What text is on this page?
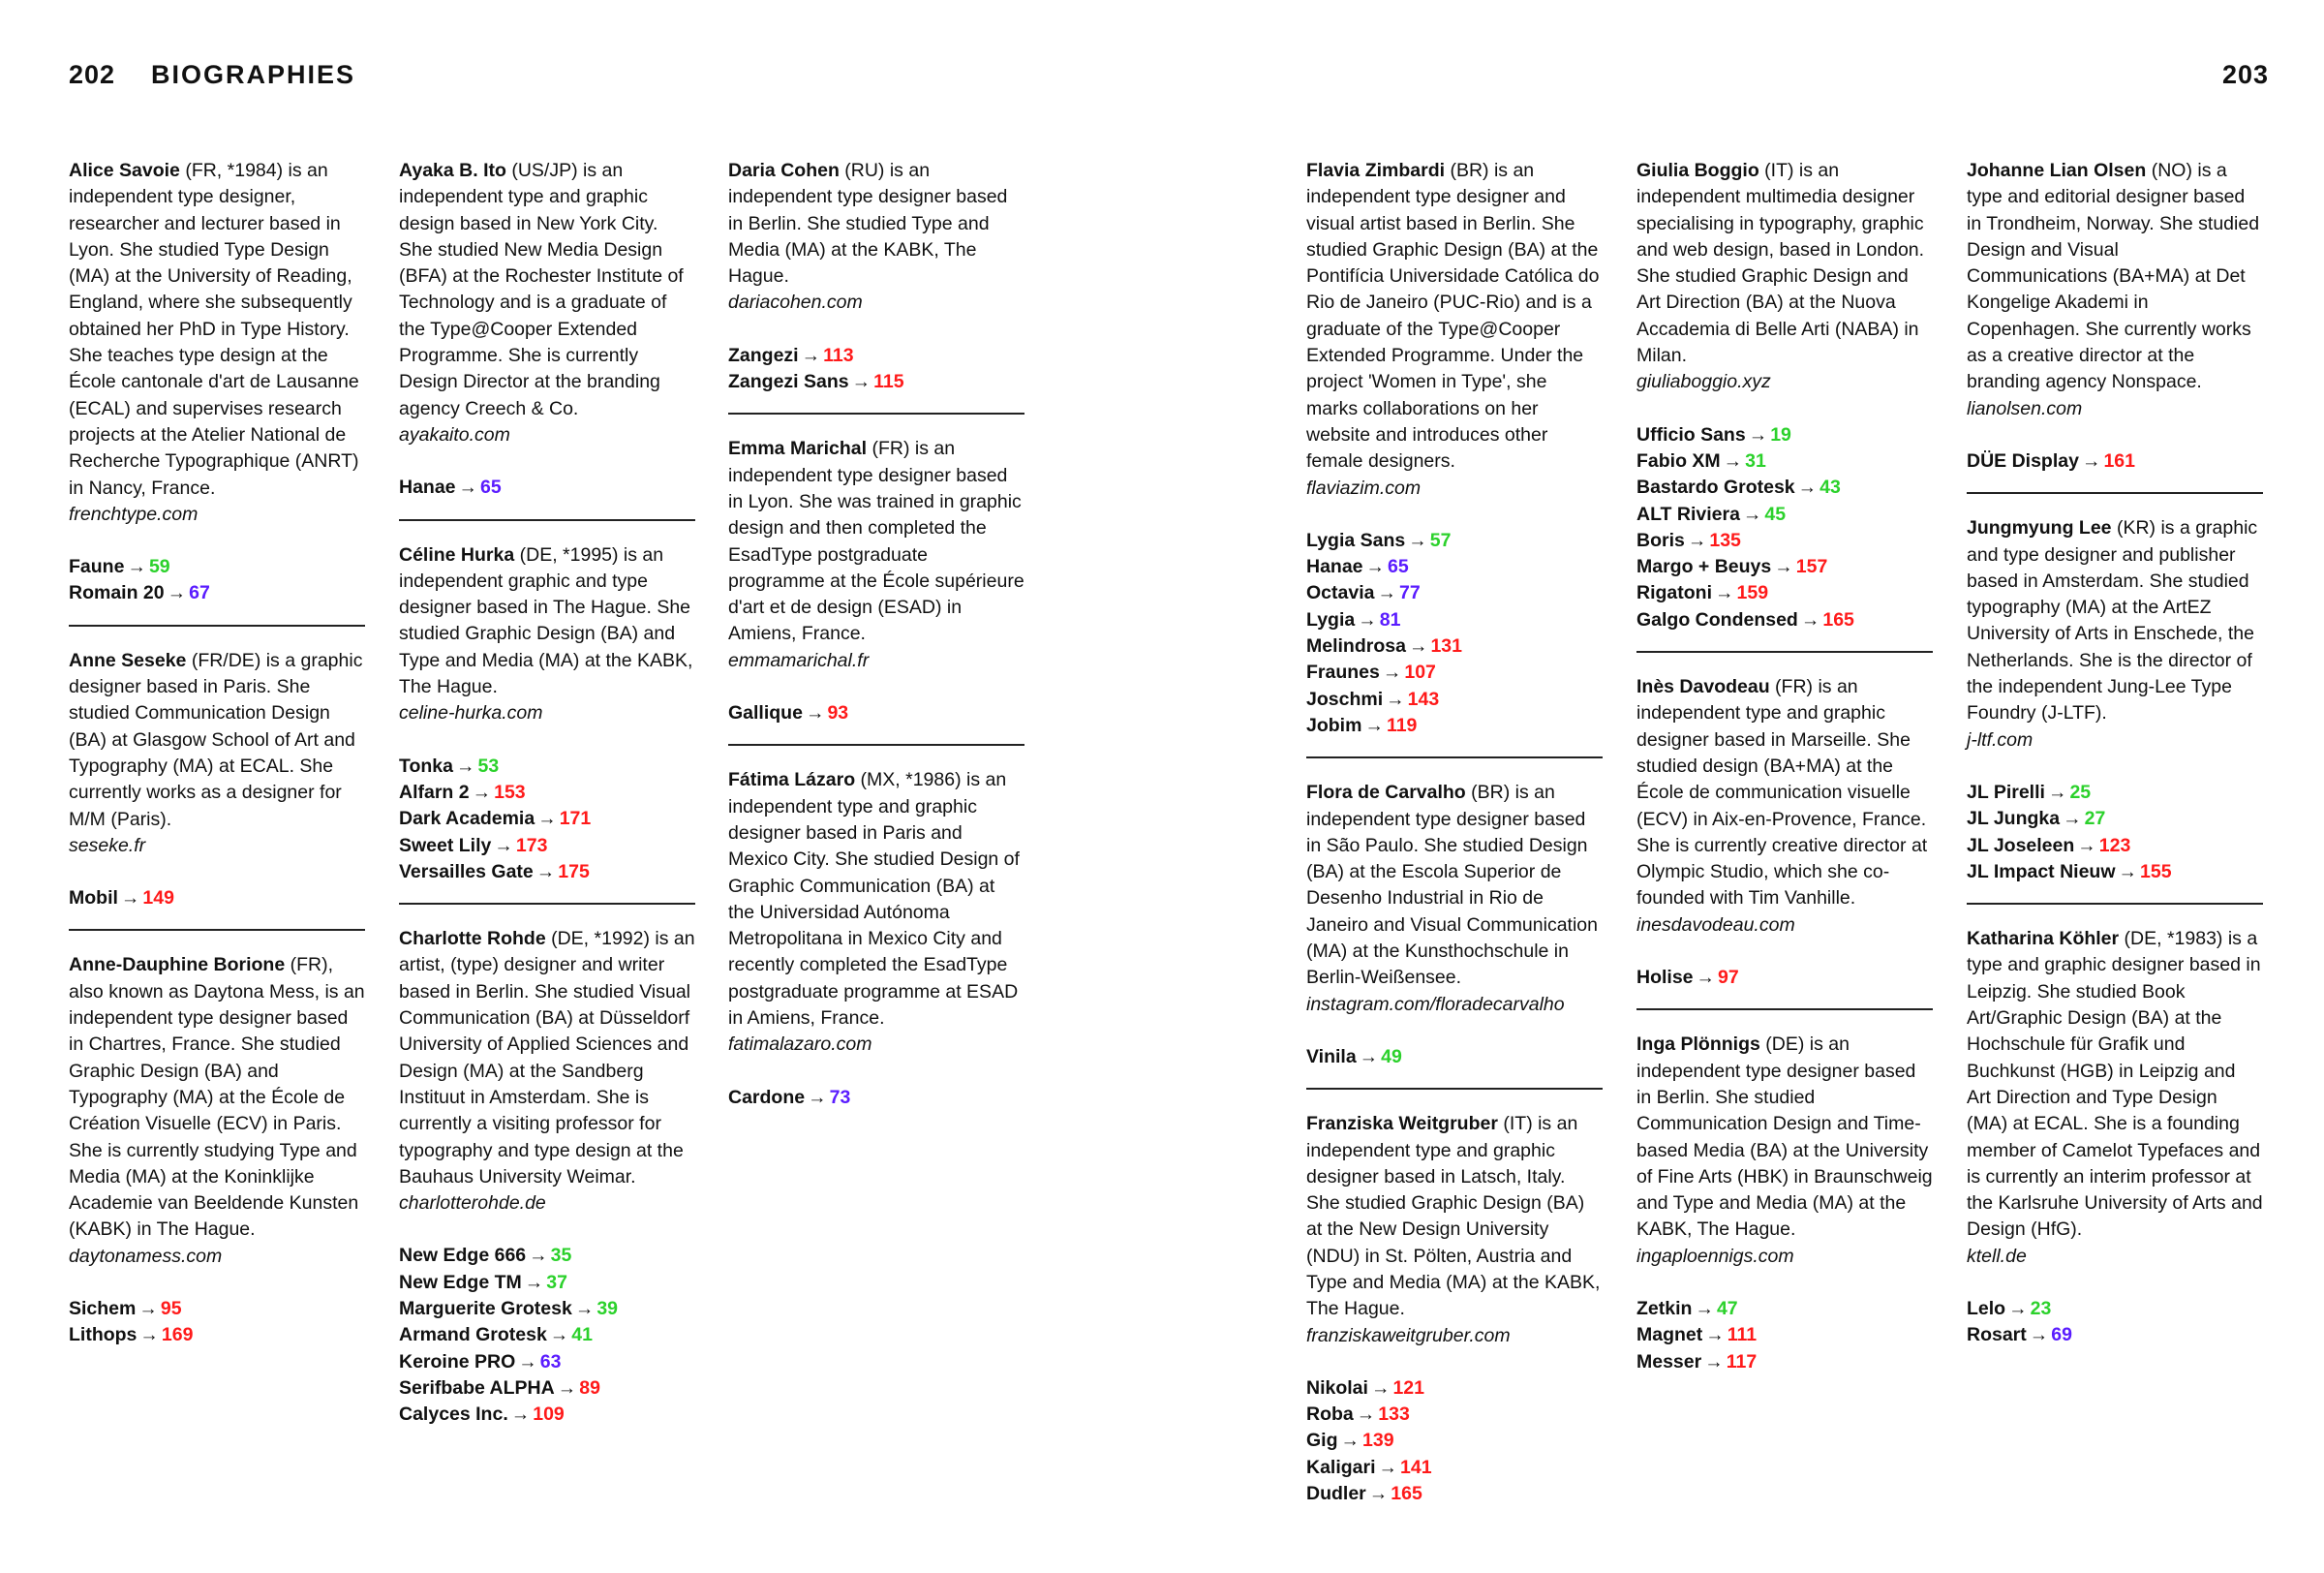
202 BIOGRAPHIES	203

Alice Savoie (FR, *1984) is an independent type designer, researcher and lecturer based in Lyon. She studied Type Design (MA) at the University of Reading, England, where she subsequently obtained her PhD in Type History. She teaches type design at the École cantonale d'art de Lausanne (ECAL) and supervises research projects at the Atelier National de Recherche Typographique (ANRT) in Nancy, France.
frenchtype.com

Faune → 59
Romain 20 → 67

Anne Seseke (FR/DE) is a graphic designer based in Paris. She studied Communication Design (BA) at Glasgow School of Art and Typography (MA) at ECAL. She currently works as a designer for M/M (Paris).
seseke.fr

Mobil → 149

Anne-Dauphine Borione (FR), also known as Daytona Mess, is an independent type designer based in Chartres, France. She studied Graphic Design (BA) and Typography (MA) at the École de Création Visuelle (ECV) in Paris. She is currently studying Type and Media (MA) at the Koninklijke Academie van Beeldende Kunsten (KABK) in The Hague.
daytonamess.com

Sichem → 95
Lithops → 169

Ayaka B. Ito (US/JP) is an independent type and graphic design based in New York City. She studied New Media Design (BFA) at the Rochester Institute of Technology and is a graduate of the Type@Cooper Extended Programme. She is currently Design Director at the branding agency Creech & Co.
ayakaito.com

Hanae → 65

Céline Hurka (DE, *1995) is an independent graphic and type designer based in The Hague. She studied Graphic Design (BA) and Type and Media (MA) at the KABK, The Hague.
celine-hurka.com

Tonka → 53
Alfarn 2 → 153
Dark Academia → 171
Sweet Lily → 173
Versailles Gate → 175

Charlotte Rohde (DE, *1992) is an artist, (type) designer and writer based in Berlin. She studied Visual Communication (BA) at Düsseldorf University of Applied Sciences and Design (MA) at the Sandberg Instituut in Amsterdam. She is currently a visiting professor for typography and type design at the Bauhaus University Weimar.
charlotterohde.de

New Edge 666 → 35
New Edge TM → 37
Marguerite Grotesk → 39
Armand Grotesk → 41
Keroine PRO → 63
Serifbabe ALPHA → 89
Calyces Inc. → 109

Daria Cohen (RU) is an independent type designer based in Berlin. She studied Type and Media (MA) at the KABK, The Hague.
dariacohen.com

Zangezi → 113
Zangezi Sans → 115

Emma Marichal (FR) is an independent type designer based in Lyon. She was trained in graphic design and then completed the EsadType postgraduate programme at the École supérieure d'art et de design (ESAD) in Amiens, France.
emmamarichal.fr

Gallique → 93

Fátima Lázaro (MX, *1986) is an independent type and graphic designer based in Paris and Mexico City. She studied Design of Graphic Communication (BA) at the Universidad Autónoma Metropolitana in Mexico City and recently completed the EsadType postgraduate programme at ESAD in Amiens, France.
fatimalazaro.com

Cardone → 73

Flavia Zimbardi (BR) is an independent type designer and visual artist based in Berlin. She studied Graphic Design (BA) at the Pontifícia Universidade Católica do Rio de Janeiro (PUC-Rio) and is a graduate of the Type@Cooper Extended Programme. Under the project 'Women in Type', she marks collaborations on her website and introduces other female designers.
flaviazim.com

Lygia Sans → 57
Hanae → 65
Octavia → 77
Lygia → 81
Melindrosa → 131
Fraunes → 107
Joschmi → 143
Jobim → 119

Flora de Carvalho (BR) is an independent type designer based in São Paulo. She studied Design (BA) at the Escola Superior de Desenho Industrial in Rio de Janeiro and Visual Communication (MA) at the Kunsthochschule in Berlin-Weißensee.
instagram.com/floradecarvalho

Vinila → 49

Franziska Weitgruber (IT) is an independent type and graphic designer based in Latsch, Italy. She studied Graphic Design (BA) at the New Design University (NDU) in St. Pölten, Austria and Type and Media (MA) at the KABK, The Hague.
franziskaweitgruber.com

Nikolai → 121
Roba → 133
Gig → 139
Kaligari → 141
Dudler → 165

Giulia Boggio (IT) is an independent multimedia designer specialising in typography, graphic and web design, based in London. She studied Graphic Design and Art Direction (BA) at the Nuova Accademia di Belle Arti (NABA) in Milan.
giuliaboggio.xyz

Ufficio Sans → 19
Fabio XM → 31
Bastardo Grotesk → 43
ALT Riviera → 45
Boris → 135
Margo + Beuys → 157
Rigatoni → 159
Galgo Condensed → 165

Inès Davodeau (FR) is an independent type and graphic designer based in Marseille. She studied design (BA+MA) at the École de communication visuelle (ECV) in Aix-en-Provence, France. She is currently creative director at Olympic Studio, which she co-founded with Tim Vanhille.
inesdavodeau.com

Holise → 97

Inga Plönnigs (DE) is an independent type designer based in Berlin. She studied Communication Design and Time-based Media (BA) at the University of Fine Arts (HBK) in Braunschweig and Type and Media (MA) at the KABK, The Hague.
ingaploennigs.com

Zetkin → 47
Magnet → 111
Messer → 117

Johanne Lian Olsen (NO) is a type and editorial designer based in Trondheim, Norway. She studied Design and Visual Communications (BA+MA) at Det Kongelige Akademi in Copenhagen. She currently works as a creative director at the branding agency Nonspace.
lianolsen.com

DÜE Display → 161

Jungmyung Lee (KR) is a graphic and type designer and publisher based in Amsterdam. She studied typography (MA) at the ArtEZ University of Arts in Enschede, the Netherlands. She is the director of the independent Jung-Lee Type Foundry (J-LTF).
j-ltf.com

JL Pirelli → 25
JL Jungka → 27
JL Joseleen → 123
JL Impact Nieuw → 155

Katharina Köhler (DE, *1983) is a type and graphic designer based in Leipzig. She studied Book Art/Graphic Design (BA) at the Hochschule für Grafik und Buchkunst (HGB) in Leipzig and Art Direction and Type Design (MA) at ECAL. She is a founding member of Camelot Typefaces and is currently an interim professor at the Karlsruhe University of Arts and Design (HfG).
ktell.de

Lelo → 23
Rosart → 69
